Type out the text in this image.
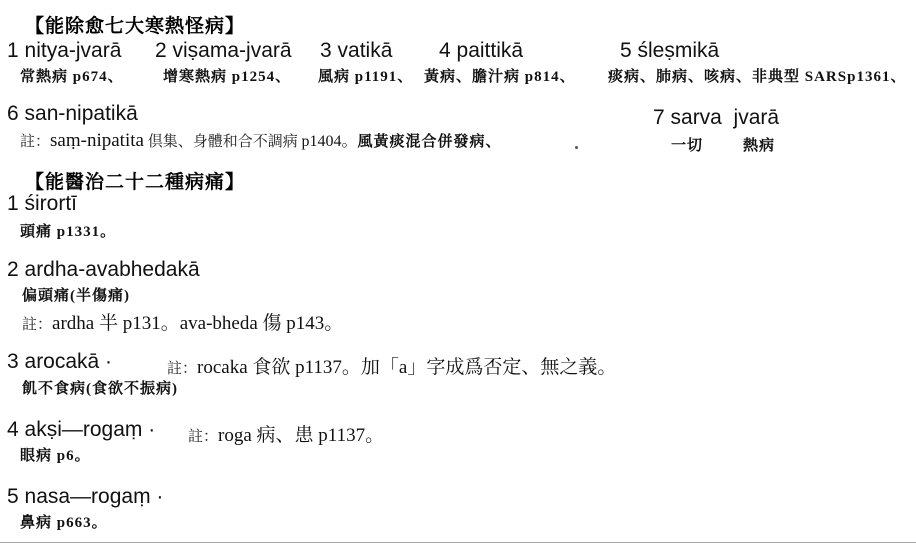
【能除愈七大寒熱怪病】
1 nitya-jvarā 2 viṣama-jvarā 3 vatikā 4 paittikā	5 śleṣmikā
常熱病 p674、	增寒熱病 p1254、 風病 p1191、 黃病、膽汁病 p814、 痰病、肺病、咳病、非典型 SARSp1361、
6 san-nipatikā
註：saṃ-nipatita 倶集、身體和合不調病 p1404。風黃痰混合併發病、
7 sarva  jvarā
一切	熱病
【能醫治二十二種病痛】
1 śirortī
頭痛 p1331。
2 ardha-avabhedakā
偏頭痛(半傷痛)
註：ardha 半 p131。ava-bheda 傷 p143。
3 arocakā ·	註：rocaka 食欲 p1137。加「a」字成爲否定、無之義。
飢不食病(食欲不振病)
4 akṣi—rogaṃ · 註：roga 病、患 p1137。
眼病 p6。
5 nasa—rogaṃ ·
鼻病 p663。
